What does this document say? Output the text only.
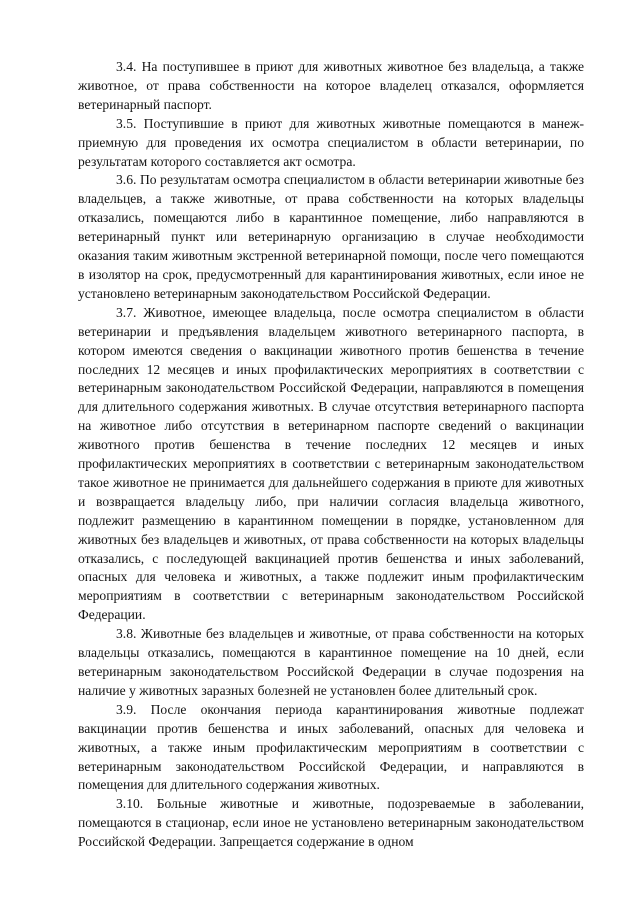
3.4. На поступившее в приют для животных животное без владельца, а также животное, от права собственности на которое владелец отказался, оформляется ветеринарный паспорт.

3.5. Поступившие в приют для животных животные помещаются в манеж-приемную для проведения их осмотра специалистом в области ветеринарии, по результатам которого составляется акт осмотра.

3.6. По результатам осмотра специалистом в области ветеринарии животные без владельцев, а также животные, от права собственности на которых владельцы отказались, помещаются либо в карантинное помещение, либо направляются в ветеринарный пункт или ветеринарную организацию в случае необходимости оказания таким животным экстренной ветеринарной помощи, после чего помещаются в изолятор на срок, предусмотренный для карантинирования животных, если иное не установлено ветеринарным законодательством Российской Федерации.

3.7. Животное, имеющее владельца, после осмотра специалистом в области ветеринарии и предъявления владельцем животного ветеринарного паспорта, в котором имеются сведения о вакцинации животного против бешенства в течение последних 12 месяцев и иных профилактических мероприятиях в соответствии с ветеринарным законодательством Российской Федерации, направляются в помещения для длительного содержания животных. В случае отсутствия ветеринарного паспорта на животное либо отсутствия в ветеринарном паспорте сведений о вакцинации животного против бешенства в течение последних 12 месяцев и иных профилактических мероприятиях в соответствии с ветеринарным законодательством такое животное не принимается для дальнейшего содержания в приюте для животных и возвращается владельцу либо, при наличии согласия владельца животного, подлежит размещению в карантинном помещении в порядке, установленном для животных без владельцев и животных, от права собственности на которых владельцы отказались, с последующей вакцинацией против бешенства и иных заболеваний, опасных для человека и животных, а также подлежит иным профилактическим мероприятиям в соответствии с ветеринарным законодательством Российской Федерации.

3.8. Животные без владельцев и животные, от права собственности на которых владельцы отказались, помещаются в карантинное помещение на 10 дней, если ветеринарным законодательством Российской Федерации в случае подозрения на наличие у животных заразных болезней не установлен более длительный срок.

3.9. После окончания периода карантинирования животные подлежат вакцинации против бешенства и иных заболеваний, опасных для человека и животных, а также иным профилактическим мероприятиям в соответствии с ветеринарным законодательством Российской Федерации, и направляются в помещения для длительного содержания животных.

3.10. Больные животные и животные, подозреваемые в заболевании, помещаются в стационар, если иное не установлено ветеринарным законодательством Российской Федерации. Запрещается содержание в одном
